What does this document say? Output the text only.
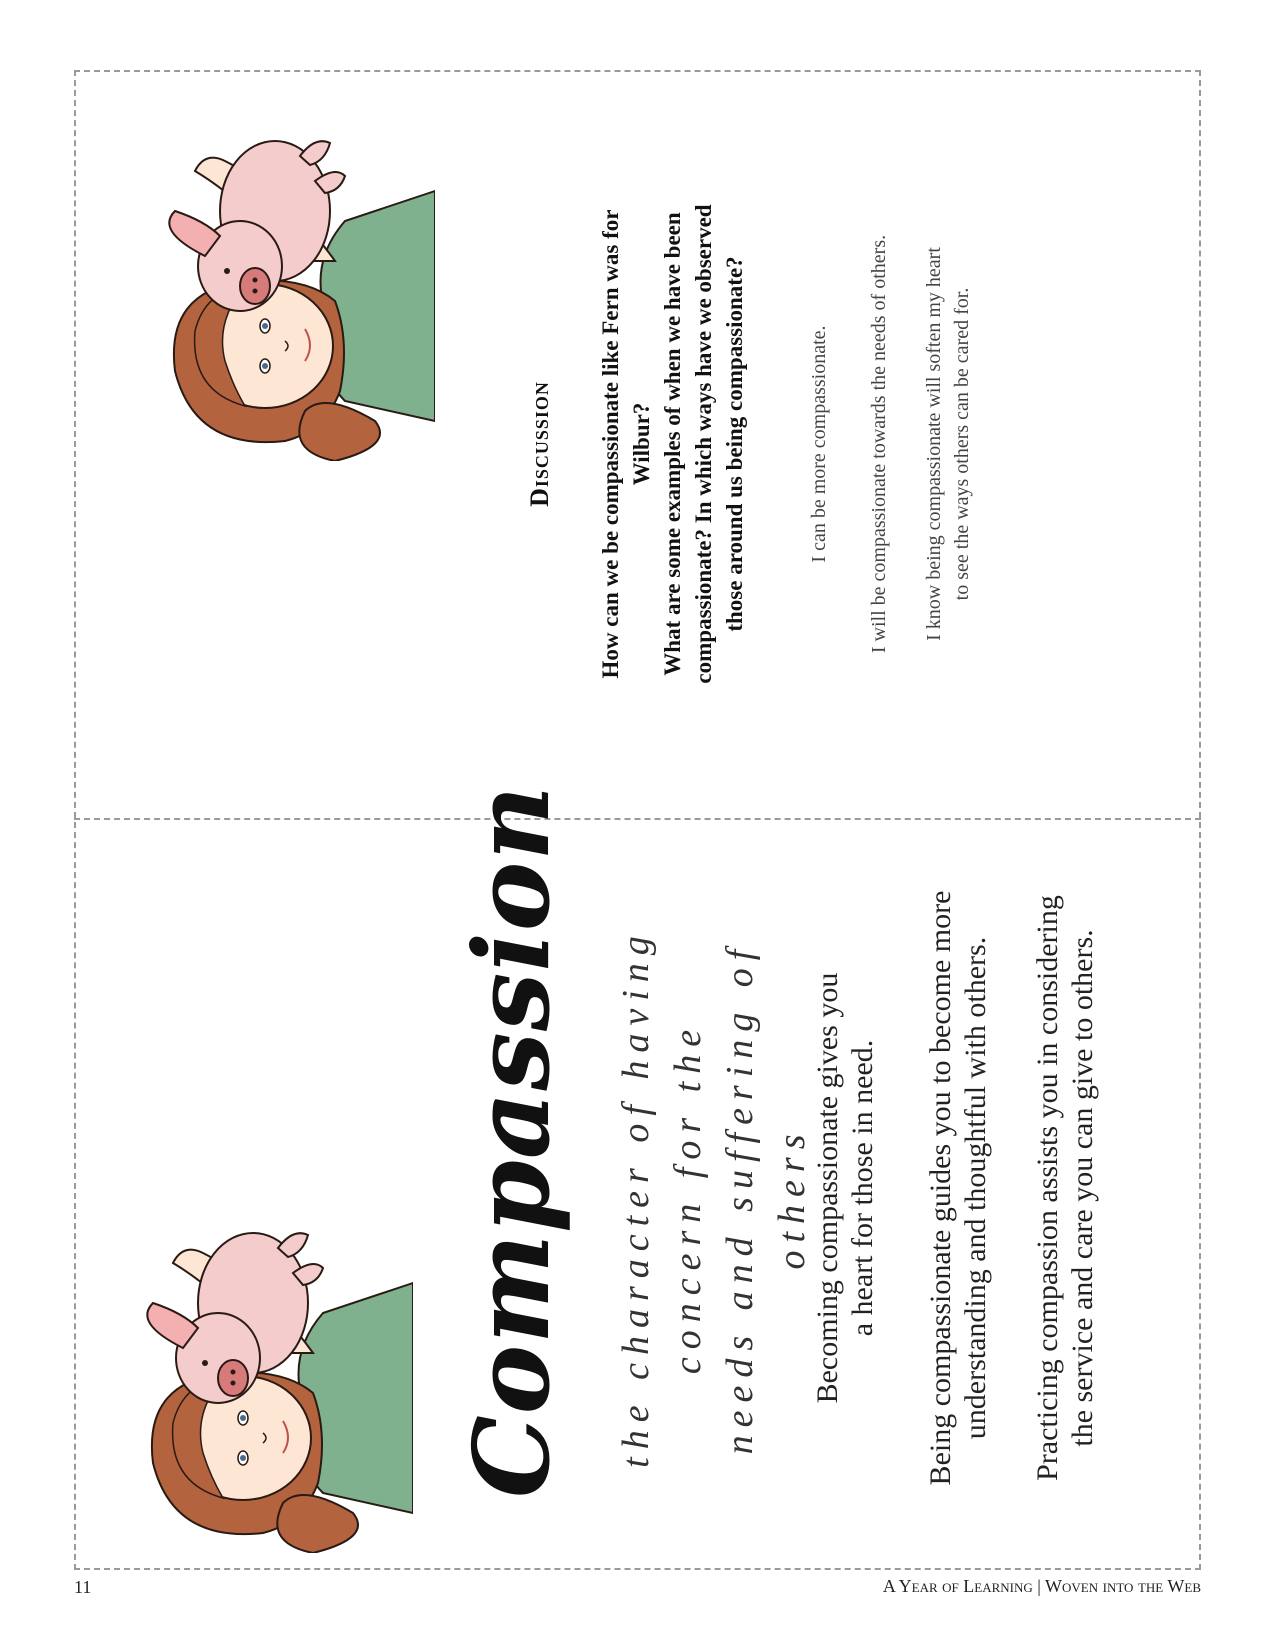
Compassion the character of having concern for the needs and suffering of others
Becoming compassionate gives you a heart for those in need. Being compassionate guides you to become more understanding and thoughtful with others. Practicing compassion assists you in considering the service and care you can give to others.
Discussion How can we be compassionate like Fern was for Wilbur? What are some examples of when we have been compassionate? In which ways have we observed those around us being compassionate?	I can be more compassionate. I will be compassionate towards the needs of others. I know being compassionate will soften my heart to see the ways others can be cared for.
11	A Year of Learning | Woven into the Web
